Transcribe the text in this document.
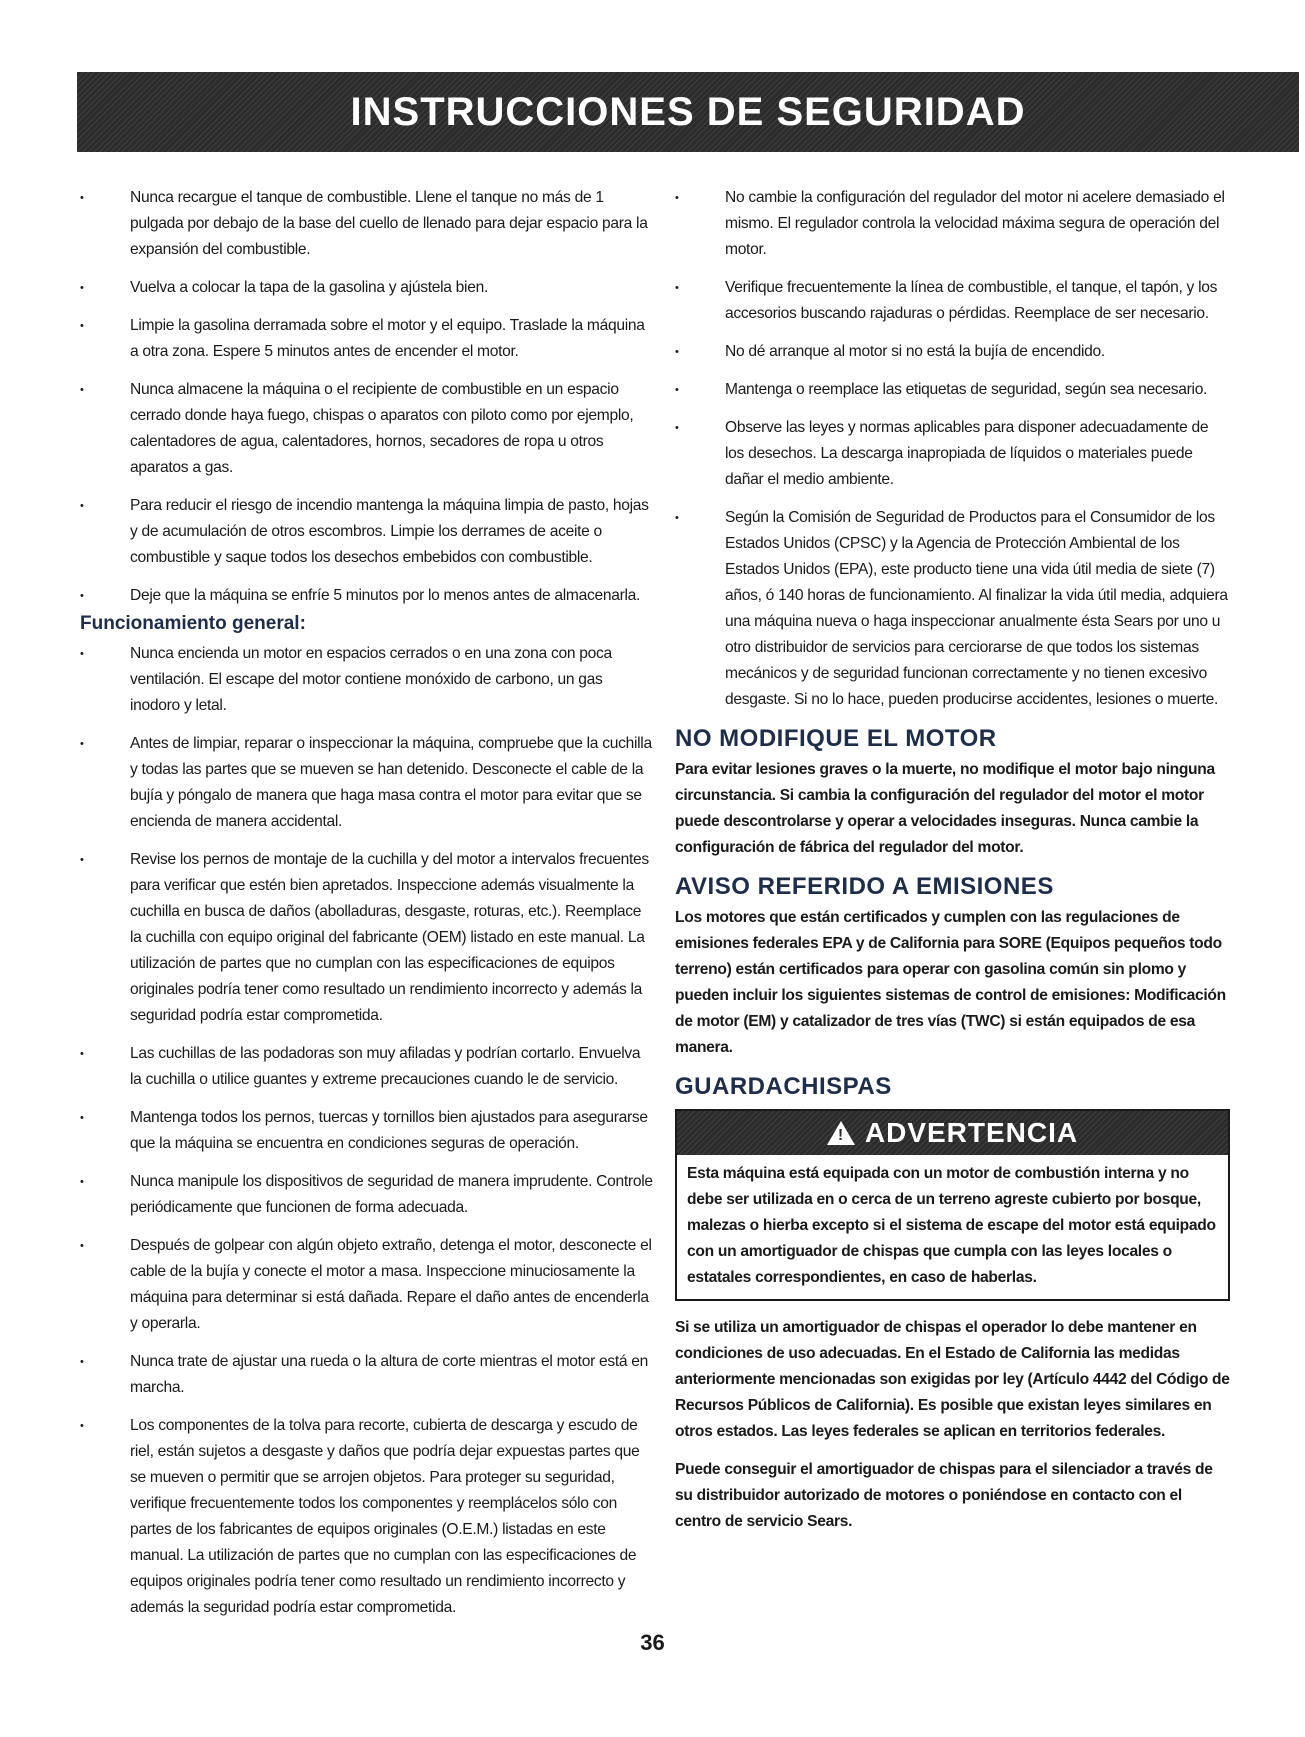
INSTRUCCIONES DE SEGURIDAD
• Nunca recargue el tanque de combustible. Llene el tanque no más de 1 pulgada por debajo de la base del cuello de llenado para dejar espacio para la expansión del combustible.
• Vuelva a colocar la tapa de la gasolina y ajústela bien.
• Limpie la gasolina derramada sobre el motor y el equipo. Traslade la máquina a otra zona. Espere 5 minutos antes de encender el motor.
• Nunca almacene la máquina o el recipiente de combustible en un espacio cerrado donde haya fuego, chispas o aparatos con piloto como por ejemplo, calentadores de agua, calentadores, hornos, secadores de ropa u otros aparatos a gas.
• Para reducir el riesgo de incendio mantenga la máquina limpia de pasto, hojas y de acumulación de otros escombros. Limpie los derrames de aceite o combustible y saque todos los desechos embebidos con combustible.
• Deje que la máquina se enfríe 5 minutos por lo menos antes de almacenarla.
Funcionamiento general:
• Nunca encienda un motor en espacios cerrados o en una zona con poca ventilación. El escape del motor contiene monóxido de carbono, un gas inodoro y letal.
• Antes de limpiar, reparar o inspeccionar la máquina, compruebe que la cuchilla y todas las partes que se mueven se han detenido. Desconecte el cable de la bujía y póngalo de manera que haga masa contra el motor para evitar que se encienda de manera accidental.
• Revise los pernos de montaje de la cuchilla y del motor a intervalos frecuentes para verificar que estén bien apretados. Inspeccione además visualmente la cuchilla en busca de daños (abolladuras, desgaste, roturas, etc.). Reemplace la cuchilla con equipo original del fabricante (OEM) listado en este manual. La utilización de partes que no cumplan con las especificaciones de equipos originales podría tener como resultado un rendimiento incorrecto y además la seguridad podría estar comprometida.
• Las cuchillas de las podadoras son muy afiladas y podrían cortarlo. Envuelva la cuchilla o utilice guantes y extreme precauciones cuando le de servicio.
• Mantenga todos los pernos, tuercas y tornillos bien ajustados para asegurarse que la máquina se encuentra en condiciones seguras de operación.
• Nunca manipule los dispositivos de seguridad de manera imprudente. Controle periódicamente que funcionen de forma adecuada.
• Después de golpear con algún objeto extraño, detenga el motor, desconecte el cable de la bujía y conecte el motor a masa. Inspeccione minuciosamente la máquina para determinar si está dañada. Repare el daño antes de encenderla y operarla.
• Nunca trate de ajustar una rueda o la altura de corte mientras el motor está en marcha.
• Los componentes de la tolva para recorte, cubierta de descarga y escudo de riel, están sujetos a desgaste y daños que podría dejar expuestas partes que se mueven o permitir que se arrojen objetos. Para proteger su seguridad, verifique frecuentemente todos los componentes y reemplácelos sólo con partes de los fabricantes de equipos originales (O.E.M.) listadas en este manual. La utilización de partes que no cumplan con las especificaciones de equipos originales podría tener como resultado un rendimiento incorrecto y además la seguridad podría estar comprometida.
• No cambie la configuración del regulador del motor ni acelere demasiado el mismo. El regulador controla la velocidad máxima segura de operación del motor.
• Verifique frecuentemente la línea de combustible, el tanque, el tapón, y los accesorios buscando rajaduras o pérdidas. Reemplace de ser necesario.
• No dé arranque al motor si no está la bujía de encendido.
• Mantenga o reemplace las etiquetas de seguridad, según sea necesario.
• Observe las leyes y normas aplicables para disponer adecuadamente de los desechos. La descarga inapropiada de líquidos o materiales puede dañar el medio ambiente.
• Según la Comisión de Seguridad de Productos para el Consumidor de los Estados Unidos (CPSC) y la Agencia de Protección Ambiental de los Estados Unidos (EPA), este producto tiene una vida útil media de siete (7) años, ó 140 horas de funcionamiento. Al finalizar la vida útil media, adquiera una máquina nueva o haga inspeccionar anualmente ésta Sears por uno u otro distribuidor de servicios para cerciorarse de que todos los sistemas mecánicos y de seguridad funcionan correctamente y no tienen excesivo desgaste. Si no lo hace, pueden producirse accidentes, lesiones o muerte.
NO MODIFIQUE EL MOTOR

Para evitar lesiones graves o la muerte, no modifique el motor bajo ninguna circunstancia. Si cambia la configuración del regulador del motor el motor puede descontrolarse y operar a velocidades inseguras. Nunca cambie la configuración de fábrica del regulador del motor.

AVISO REFERIDO A EMISIONES

Los motores que están certificados y cumplen con las regulaciones de emisiones federales EPA y de California para SORE (Equipos pequeños todo terreno) están certificados para operar con gasolina común sin plomo y pueden incluir los siguientes sistemas de control de emisiones: Modificación de motor (EM) y catalizador de tres vías (TWC) si están equipados de esa manera.

GUARDACHISPAS
! ADVERTENCIA
Esta máquina está equipada con un motor de combustión interna y no debe ser utilizada en o cerca de un terreno agreste cubierto por bosque, malezas o hierba excepto si el sistema de escape del motor está equipado con un amortiguador de chispas que cumpla con las leyes locales o estatales correspondientes, en caso de haberlas.

Si se utiliza un amortiguador de chispas el operador lo debe mantener en condiciones de uso adecuadas. En el Estado de California las medidas anteriormente mencionadas son exigidas por ley (Artículo 4442 del Código de Recursos Públicos de California). Es posible que existan leyes similares en otros estados. Las leyes federales se aplican en territorios federales.

Puede conseguir el amortiguador de chispas para el silenciador a través de su distribuidor autorizado de motores o poniéndose en contacto con el centro de servicio Sears.

36
